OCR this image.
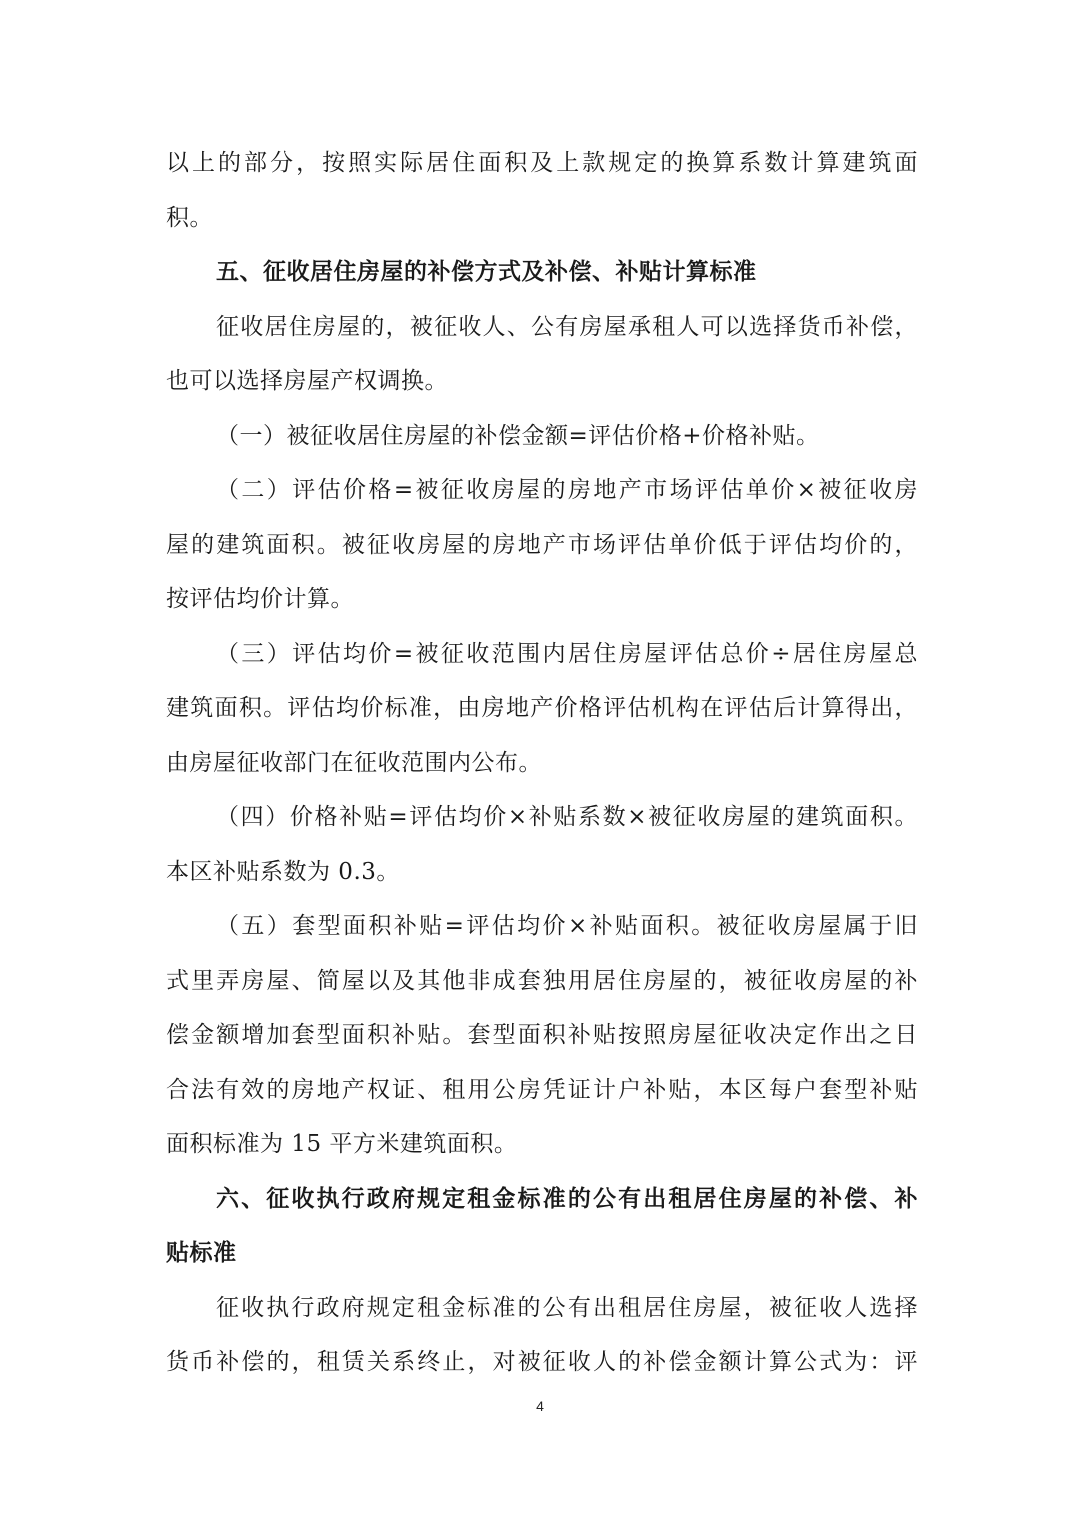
以上的部分，按照实际居住面积及上款规定的换算系数计算建筑面
积。
五、征收居住房屋的补偿方式及补偿、补贴计算标准
征收居住房屋的，被征收人、公有房屋承租人可以选择货币补偿，
也可以选择房屋产权调换。
（一）被征收居住房屋的补偿金额=评估价格+价格补贴。
（二）评估价格=被征收房屋的房地产市场评估单价×被征收房
屋的建筑面积。被征收房屋的房地产市场评估单价低于评估均价的，
按评估均价计算。
（三）评估均价=被征收范围内居住房屋评估总价÷居住房屋总
建筑面积。评估均价标准，由房地产价格评估机构在评估后计算得出，
由房屋征收部门在征收范围内公布。
（四）价格补贴=评估均价×补贴系数×被征收房屋的建筑面积。
本区补贴系数为 0.3。
（五）套型面积补贴=评估均价×补贴面积。被征收房屋属于旧
式里弄房屋、简屋以及其他非成套独用居住房屋的，被征收房屋的补
偿金额增加套型面积补贴。套型面积补贴按照房屋征收决定作出之日
合法有效的房地产权证、租用公房凭证计户补贴，本区每户套型补贴
面积标准为 15 平方米建筑面积。
六、征收执行政府规定租金标准的公有出租居住房屋的补偿、补
贴标准
征收执行政府规定租金标准的公有出租居住房屋，被征收人选择
货币补偿的，租赁关系终止，对被征收人的补偿金额计算公式为：评
4
